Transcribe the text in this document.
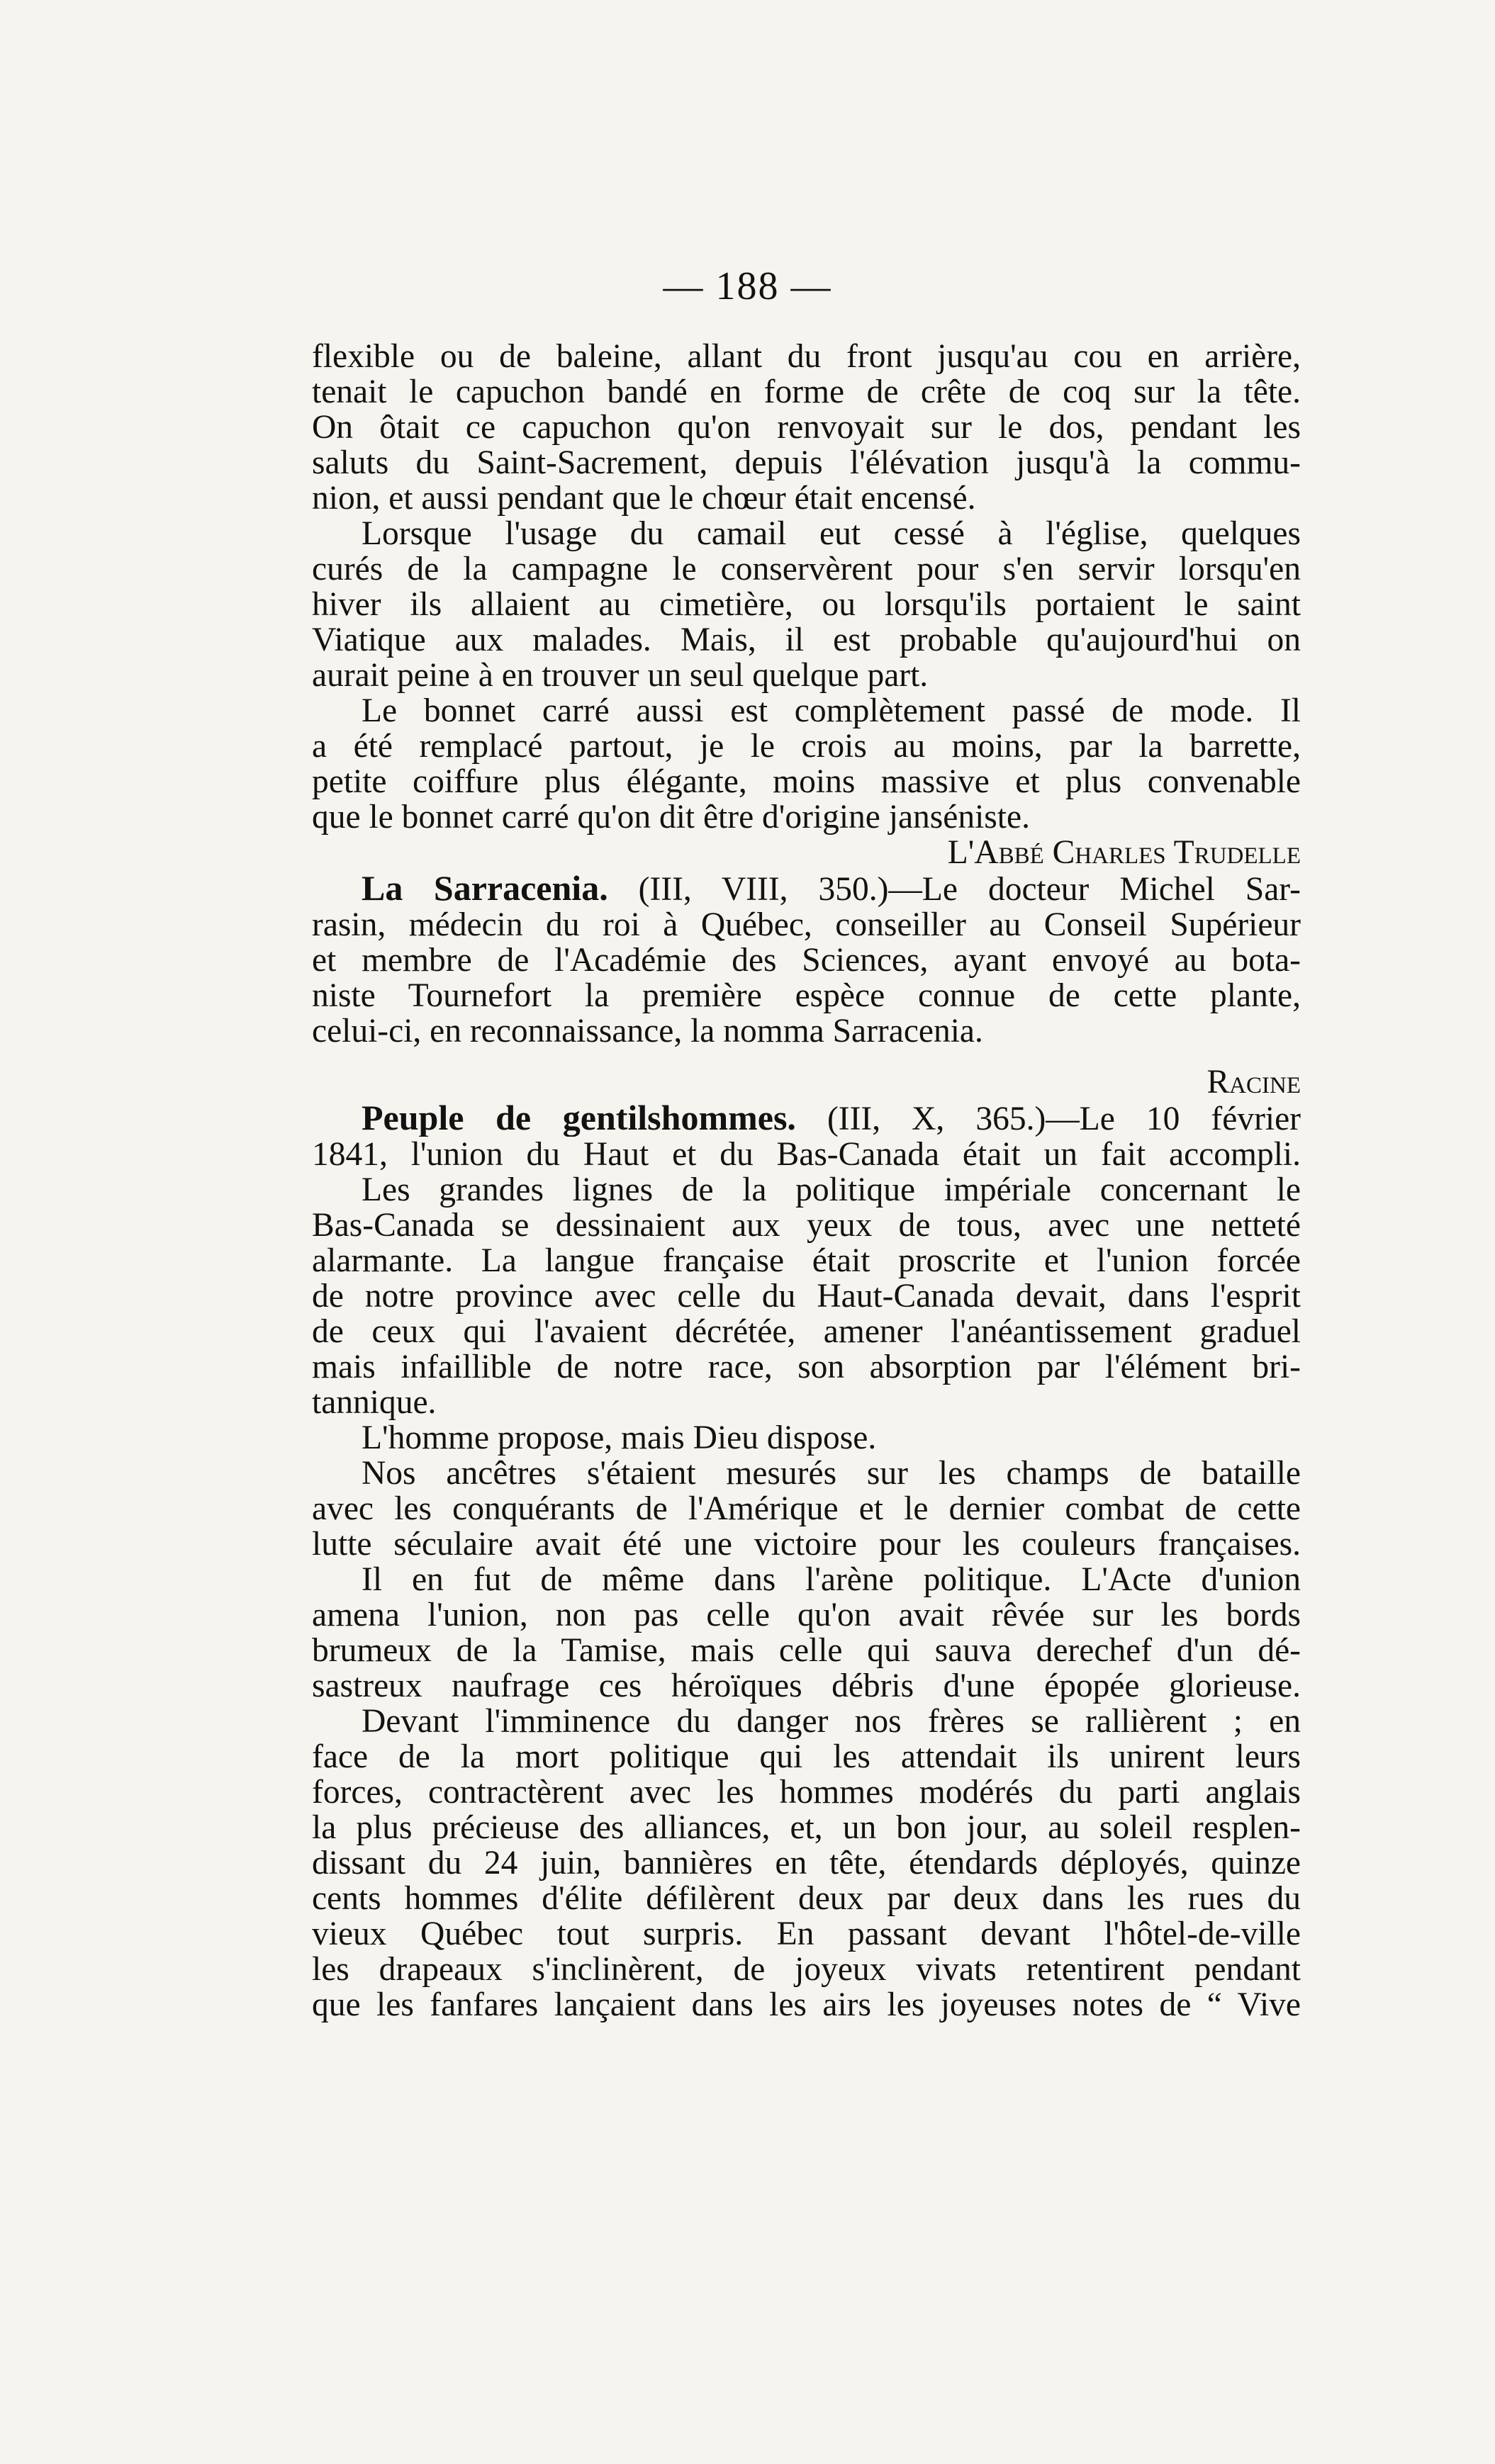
— 188 —
flexible ou de baleine, allant du front jusqu'au cou en arrière,
tenait le capuchon bandé en forme de crête de coq sur la tête.
On ôtait ce capuchon qu'on renvoyait sur le dos, pendant les
saluts du Saint-Sacrement, depuis l'élévation jusqu'à la commu-
nion, et aussi pendant que le chœur était encensé.
Lorsque l'usage du camail eut cessé à l'église, quelques
curés de la campagne le conservèrent pour s'en servir lorsqu'en
hiver ils allaient au cimetière, ou lorsqu'ils portaient le saint
Viatique aux malades. Mais, il est probable qu'aujourd'hui on
aurait peine à en trouver un seul quelque part.
Le bonnet carré aussi est complètement passé de mode. Il
a été remplacé partout, je le crois au moins, par la barrette,
petite coiffure plus élégante, moins massive et plus convenable
que le bonnet carré qu'on dit être d'origine janséniste.
L'Abbé Charles Trudelle
La Sarracenia. (III, VIII, 350.)—Le docteur Michel Sar-
rasin, médecin du roi à Québec, conseiller au Conseil Supérieur
et membre de l'Académie des Sciences, ayant envoyé au bota-
niste Tournefort la première espèce connue de cette plante,
celui-ci, en reconnaissance, la nomma Sarracenia.
Racine
Peuple de gentilshommes. (III, X, 365.)—Le 10 février
1841, l'union du Haut et du Bas-Canada était un fait accompli.
Les grandes lignes de la politique impériale concernant le
Bas-Canada se dessinaient aux yeux de tous, avec une netteté
alarmante. La langue française était proscrite et l'union forcée
de notre province avec celle du Haut-Canada devait, dans l'esprit
de ceux qui l'avaient décrétée, amener l'anéantissement graduel
mais infaillible de notre race, son absorption par l'élément bri-
tannique.
L'homme propose, mais Dieu dispose.
Nos ancêtres s'étaient mesurés sur les champs de bataille
avec les conquérants de l'Amérique et le dernier combat de cette
lutte séculaire avait été une victoire pour les couleurs françaises.
Il en fut de même dans l'arène politique. L'Acte d'union
amena l'union, non pas celle qu'on avait rêvée sur les bords
brumeux de la Tamise, mais celle qui sauva derechef d'un dé-
sastreux naufrage ces héroïques débris d'une épopée glorieuse.
Devant l'imminence du danger nos frères se rallièrent ; en
face de la mort politique qui les attendait ils unirent leurs
forces, contractèrent avec les hommes modérés du parti anglais
la plus précieuse des alliances, et, un bon jour, au soleil resplen-
dissant du 24 juin, bannières en tête, étendards déployés, quinze
cents hommes d'élite défilèrent deux par deux dans les rues du
vieux Québec tout surpris. En passant devant l'hôtel-de-ville
les drapeaux s'inclinèrent, de joyeux vivats retentirent pendant
que les fanfares lançaient dans les airs les joyeuses notes de “ Vive
